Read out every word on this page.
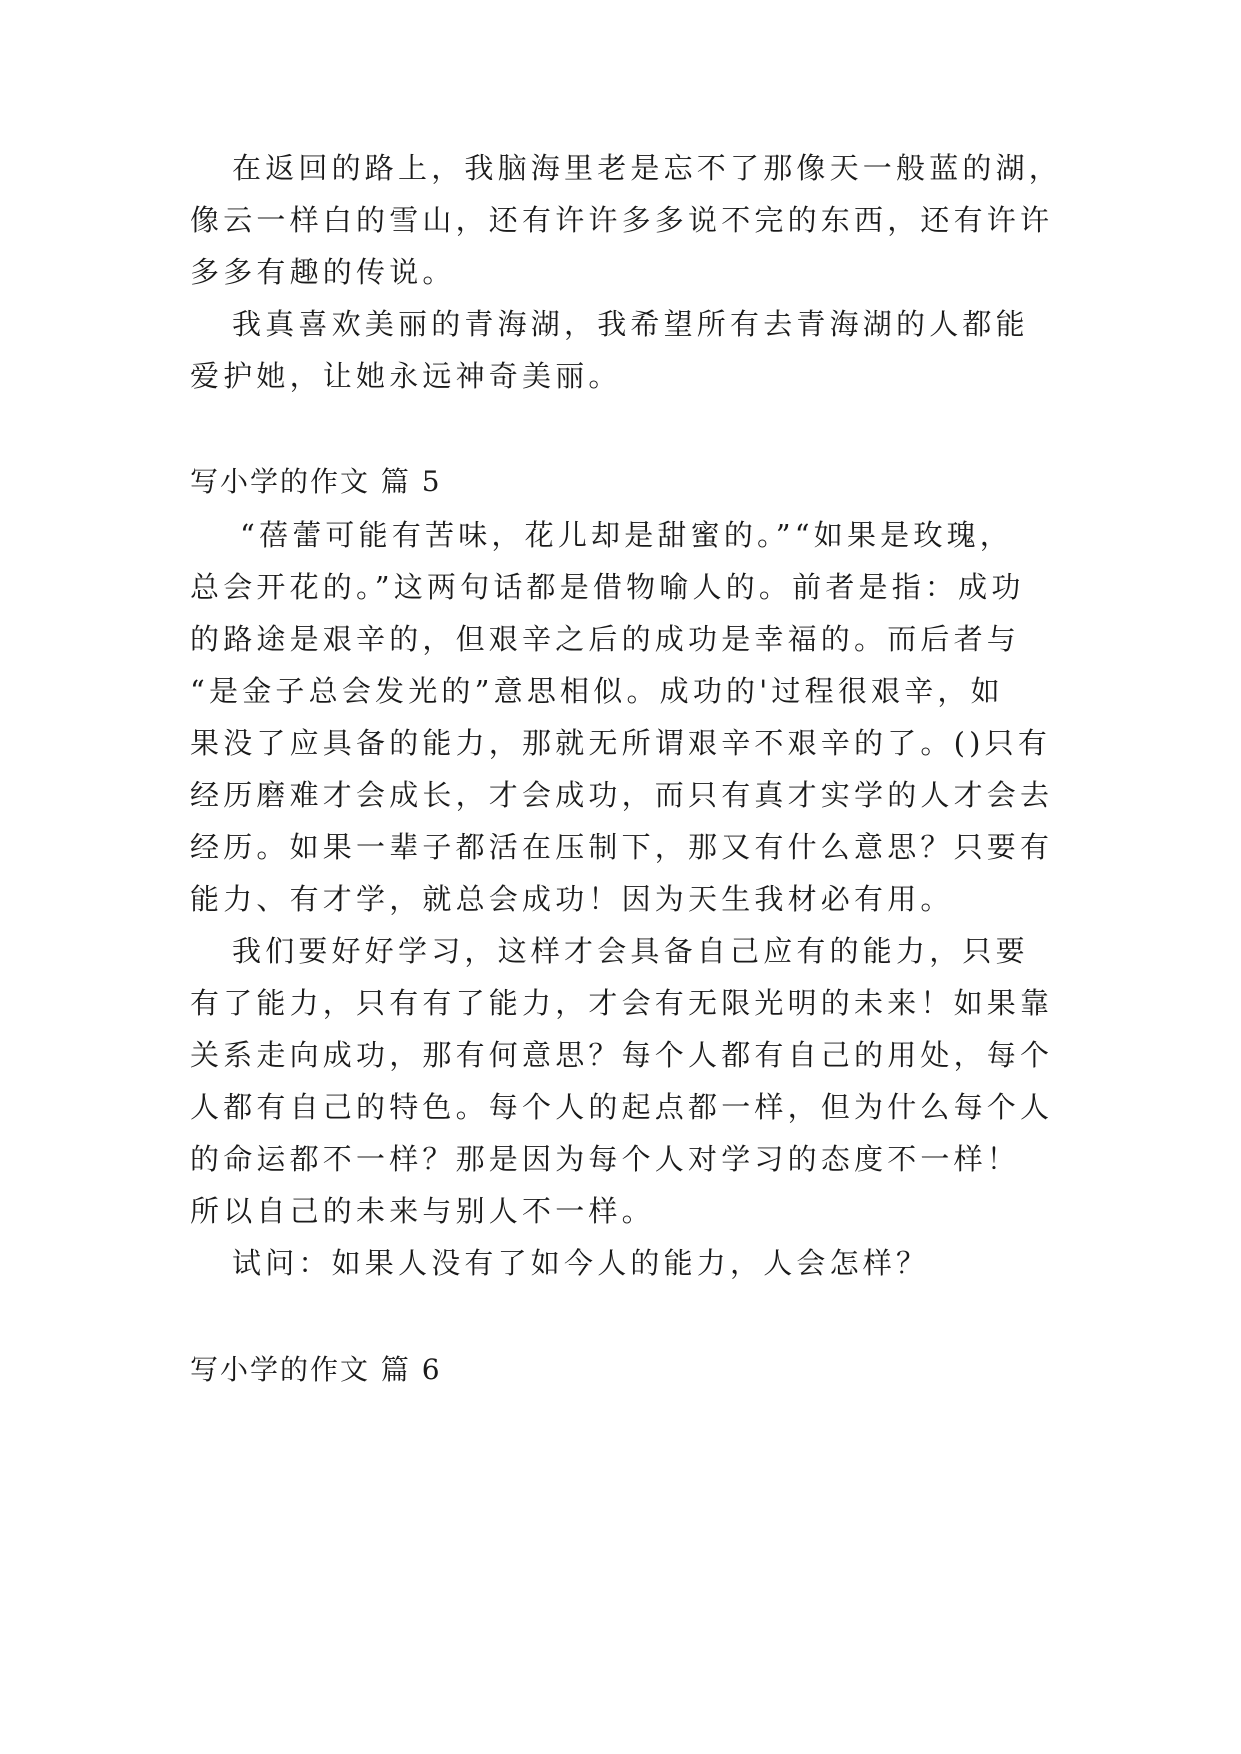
在返回的路上，我脑海里老是忘不了那像天一般蓝的湖，
像云一样白的雪山，还有许许多多说不完的东西，还有许许
多多有趣的传说。
我真喜欢美丽的青海湖，我希望所有去青海湖的人都能
爱护她，让她永远神奇美丽。
写小学的作文 篇 5
“蓓蕾可能有苦味，花儿却是甜蜜的。”“如果是玫瑰，
总会开花的。”这两句话都是借物喻人的。前者是指：成功
的路途是艰辛的，但艰辛之后的成功是幸福的。而后者与
“是金子总会发光的”意思相似。成功的'过程很艰辛，如
果没了应具备的能力，那就无所谓艰辛不艰辛的了。()只有
经历磨难才会成长，才会成功，而只有真才实学的人才会去
经历。如果一辈子都活在压制下，那又有什么意思？只要有
能力、有才学，就总会成功！因为天生我材必有用。
我们要好好学习，这样才会具备自己应有的能力，只要
有了能力，只有有了能力，才会有无限光明的未来！如果靠
关系走向成功，那有何意思？每个人都有自己的用处，每个
人都有自己的特色。每个人的起点都一样，但为什么每个人
的命运都不一样？那是因为每个人对学习的态度不一样！
所以自己的未来与别人不一样。
试问：如果人没有了如今人的能力，人会怎样？
写小学的作文 篇 6
